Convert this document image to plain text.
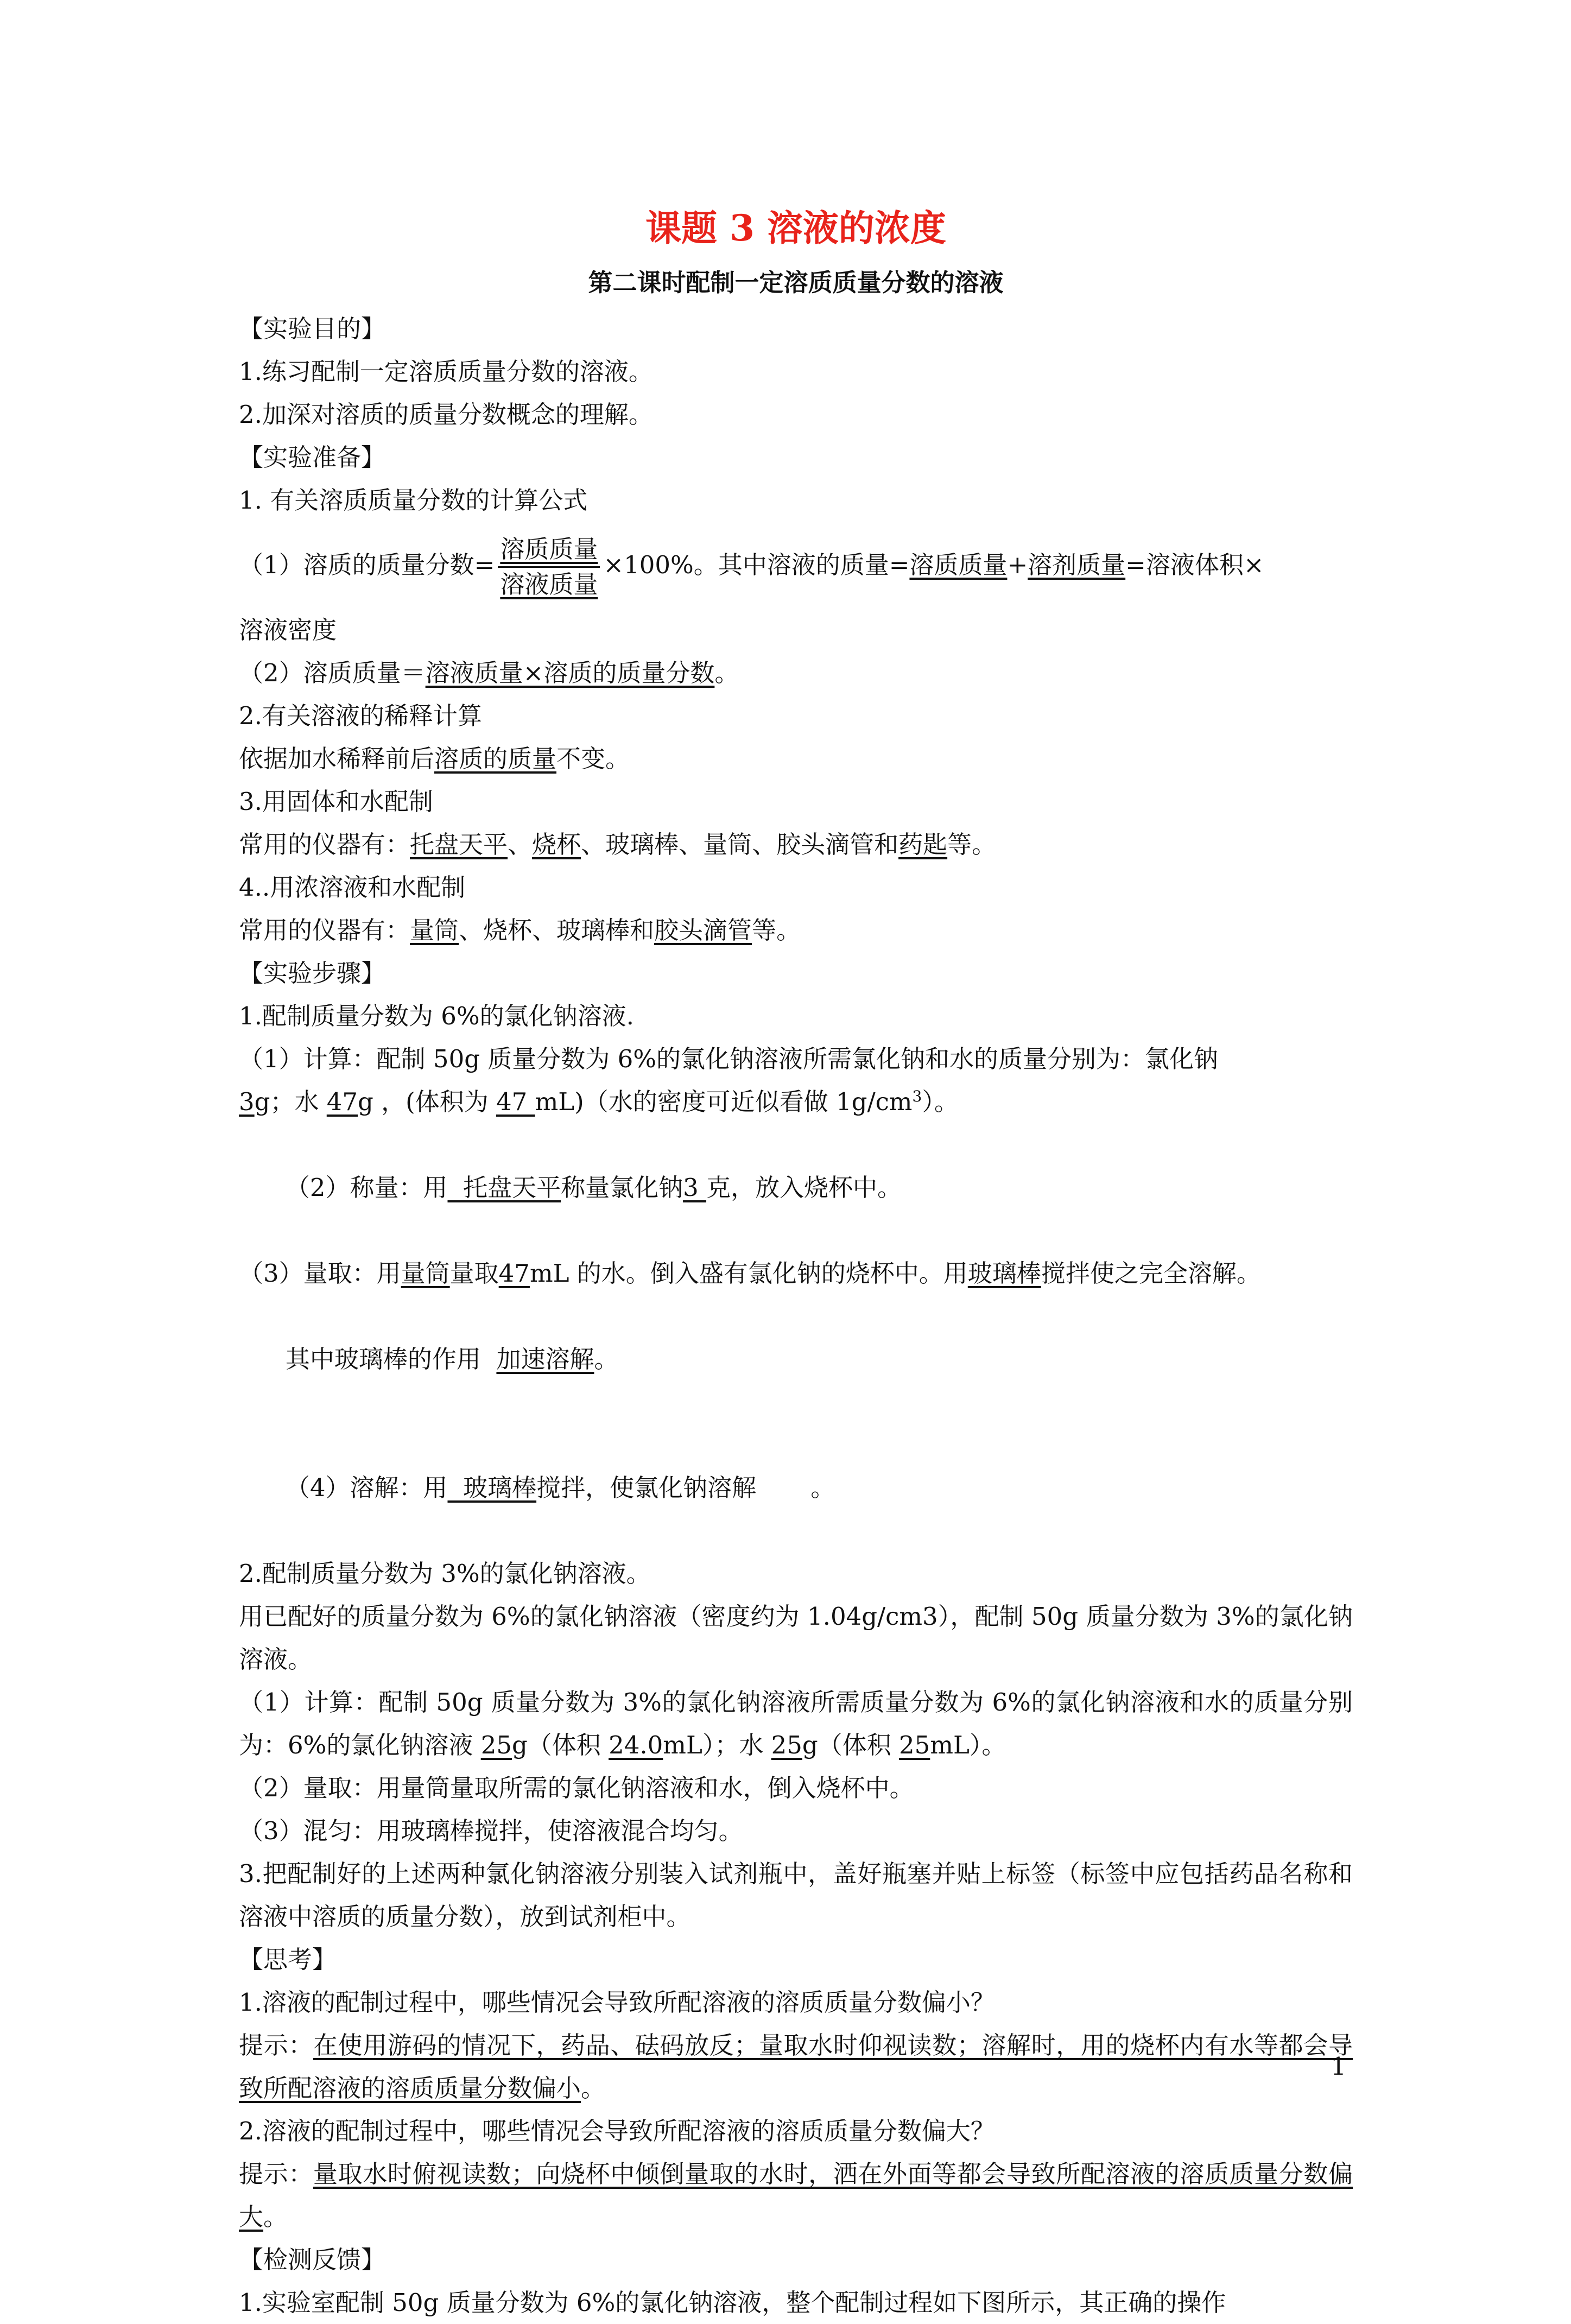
课题 3 溶液的浓度
第二课时配制一定溶质质量分数的溶液
【实验目的】
1.练习配制一定溶质质量分数的溶液。
2.加深对溶质的质量分数概念的理解。
【实验准备】
1. 有关溶质质量分数的计算公式
（1）溶质的质量分数= $\frac{\text{溶质质量}}{\text{溶液质量}} \times 100\%$。其中溶液的质量=溶质质量+溶剂质量=溶液体积×
溶液密度
（2）溶质质量＝溶液质量×溶质的质量分数。
2.有关溶液的稀释计算
依据加水稀释前后溶质的质量不变。
3.用固体和水配制
常用的仪器有：托盘天平、烧杯、玻璃棒、量筒、胶头滴管和药匙等。
4..用浓溶液和水配制
常用的仪器有：量筒、烧杯、玻璃棒和胶头滴管等。
【实验步骤】
1.配制质量分数为 6%的氯化钠溶液.
（1）计算：配制 50g 质量分数为 6%的氯化钠溶液所需氯化钠和水的质量分别为：氯化钠
3g；水 47g ，(体积为 47 mL)（水的密度可近似看做 $1g/cm^3$）。

（2）称量：用  托盘天平称量氯化钠3 克，放入烧杯中。

（3）量取：用量筒量取47mL 的水。倒入盛有氯化钠的烧杯中。用玻璃棒搅拌使之完全溶解。

其中玻璃棒的作用  加速溶解。

（4）溶解：用  玻璃棒搅拌，使氯化钠溶解       。

2.配制质量分数为 3%的氯化钠溶液。
用已配好的质量分数为 6%的氯化钠溶液（密度约为 1.04g/cm3），配制 50g 质量分数为 3%的氯化钠溶液。
（1）计算：配制 50g 质量分数为 3%的氯化钠溶液所需质量分数为 6%的氯化钠溶液和水的质量分别为：6%的氯化钠溶液 25g（体积 24.0mL）；水 25g（体积 25mL）。
（2）量取：用量筒量取所需的氯化钠溶液和水，倒入烧杯中。
（3）混匀：用玻璃棒搅拌，使溶液混合均匀。
3.把配制好的上述两种氯化钠溶液分别装入试剂瓶中，盖好瓶塞并贴上标签（标签中应包括药品名称和溶液中溶质的质量分数），放到试剂柜中。
【思考】
1.溶液的配制过程中，哪些情况会导致所配溶液的溶质质量分数偏小？
提示：在使用游码的情况下，药品、砝码放反；量取水时仰视读数；溶解时，用的烧杯内有水等都会导致所配溶液的溶质质量分数偏小。
2.溶液的配制过程中，哪些情况会导致所配溶液的溶质质量分数偏大？
提示：量取水时俯视读数；向烧杯中倾倒量取的水时，洒在外面等都会导致所配溶液的溶质质量分数偏大。
【检测反馈】
1.实验室配制 50g 质量分数为 6%的氯化钠溶液，整个配制过程如下图所示，其正确的操作
1
